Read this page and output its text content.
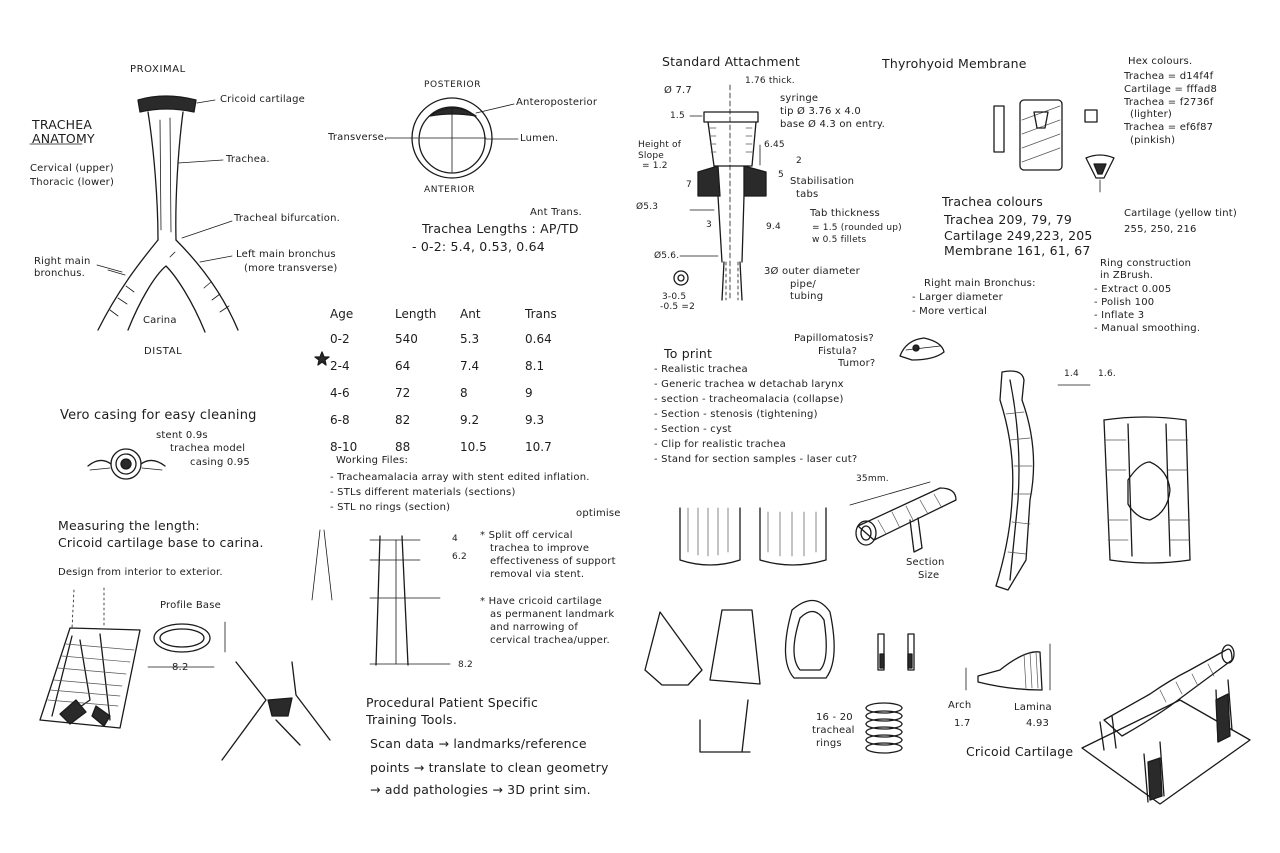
PROXIMAL
TRACHEA
ANATOMY
Cervical (upper)
Thoracic (lower)
Cricoid cartilage
Trachea.
Tracheal bifurcation.
Left main bronchus
(more transverse)
Right main
bronchus.
Carina
DISTAL
POSTERIOR
ANTERIOR
Transverse.
Anteroposterior
Lumen.
Ant Trans.
Trachea Lengths : AP/TD
- 0-2: 5.4, 0.53, 0.64
Age	Length	Ant	Trans
0-2	540	5.3	0.64
2-4	64	7.4	8.1
4-6	72	8	9
6-8	82	9.2	9.3
8-10	88	10.5	10.7
Vero casing for easy cleaning
stent 0.9s
trachea model
casing 0.95
Measuring the length:
Cricoid cartilage base to carina.
Design from interior to exterior.
Profile Base
8.2
Working Files:
- Tracheamalacia array with stent edited inflation.
- STLs different materials (sections)
- STL no rings (section)
optimise
* Split off cervical
trachea to improve
effectiveness of support
removal via stent.
* Have cricoid cartilage
as permanent landmark
and narrowing of
cervical trachea/upper.
4
6.2
8.2
Procedural Patient Specific
Training Tools.
Scan data → landmarks/reference
points → translate to clean geometry
→ add pathologies → 3D print sim.
Standard Attachment
Ø 7.7
1.76 thick.
syringe
tip Ø 3.76 x 4.0
base Ø 4.3 on entry.
1.5
Height of
Slope
= 1.2
6.45
2
5
Stabilisation
tabs
7
Ø5.3
3
Tab thickness
= 1.5 (rounded up)
w 0.5 fillets
9.4
Ø5.6.
3Ø outer diameter
pipe/
tubing
3-0.5
-0.5 =2
Thyrohyoid Membrane	Hex colours.
Trachea = d14f4f
Cartilage = fffad8
Trachea = f2736f
(lighter)
Trachea = ef6f87
(pinkish)
Trachea colours
Trachea 209, 79, 79
Cartilage 249,223, 205
Membrane 161, 61, 67
Cartilage (yellow tint)
255, 250, 216
Ring construction
in ZBrush.
- Extract 0.005
- Polish 100
- Inflate 3
- Manual smoothing.
Right main Bronchus:
- Larger diameter
- More vertical
Papillomatosis?
Fistula?
Tumor?
To print
- Realistic trachea
- Generic trachea w detachab larynx
- section - tracheomalacia (collapse)
- Section - stenosis (tightening)
- Section - cyst
- Clip for realistic trachea
- Stand for section samples - laser cut?
1.4 1.6.
35mm.
Section
Size
16 - 20
tracheal
rings
Arch	Lamina
1.7	4.93
Cricoid Cartilage
